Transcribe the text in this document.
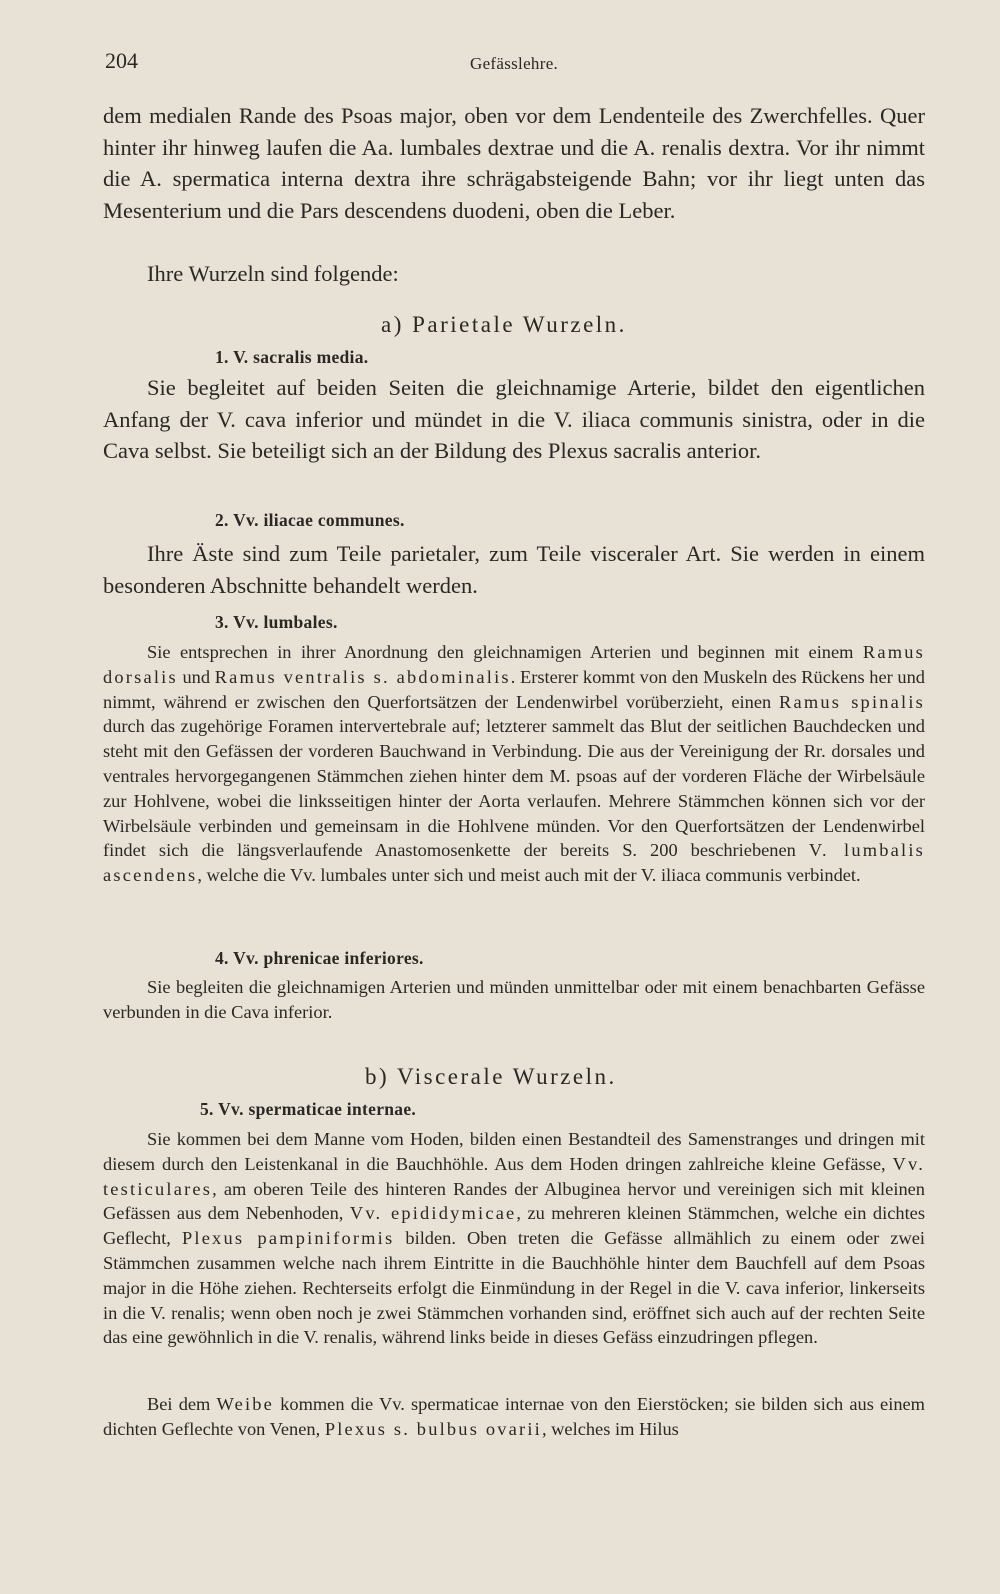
204	Gefässlehre.

dem medialen Rande des Psoas major, oben vor dem Lendenteile des Zwerchfelles. Quer hinter ihr hinweg laufen die Aa. lumbales dextrae und die A. renalis dextra. Vor ihr nimmt die A. spermatica interna dextra ihre schrägabsteigende Bahn; vor ihr liegt unten das Mesenterium und die Pars descendens duodeni, oben die Leber.

Ihre Wurzeln sind folgende:

a) Parietale Wurzeln.

1. V. sacralis media.

Sie begleitet auf beiden Seiten die gleichnamige Arterie, bildet den eigentlichen Anfang der V. cava inferior und mündet in die V. iliaca communis sinistra, oder in die Cava selbst. Sie beteiligt sich an der Bildung des Plexus sacralis anterior.

2. Vv. iliacae communes.

Ihre Äste sind zum Teile parietaler, zum Teile visceraler Art. Sie werden in einem besonderen Abschnitte behandelt werden.

3. Vv. lumbales.

Sie entsprechen in ihrer Anordnung den gleichnamigen Arterien und beginnen mit einem Ramus dorsalis und Ramus ventralis s. abdominalis. Ersterer kommt von den Muskeln des Rückens her und nimmt, während er zwischen den Querfortsätzen der Lendenwirbel vorüberzieht, einen Ramus spinalis durch das zugehörige Foramen intervertebrale auf; letzterer sammelt das Blut der seitlichen Bauchdecken und steht mit den Gefässen der vorderen Bauchwand in Verbindung. Die aus der Vereinigung der Rr. dorsales und ventrales hervorgegangenen Stämmchen ziehen hinter dem M. psoas auf der vorderen Fläche der Wirbelsäule zur Hohlvene, wobei die linksseitigen hinter der Aorta verlaufen. Mehrere Stämmchen können sich vor der Wirbelsäule verbinden und gemeinsam in die Hohlvene münden. Vor den Querfortsätzen der Lendenwirbel findet sich die längsverlaufende Anastomosenkette der bereits S. 200 beschriebenen V. lumbalis ascendens, welche die Vv. lumbales unter sich und meist auch mit der V. iliaca communis verbindet.

4. Vv. phrenicae inferiores.

Sie begleiten die gleichnamigen Arterien und münden unmittelbar oder mit einem benachbarten Gefässe verbunden in die Cava inferior.

b) Viscerale Wurzeln.

5. Vv. spermaticae internae.

Sie kommen bei dem Manne vom Hoden, bilden einen Bestandteil des Samenstranges und dringen mit diesem durch den Leistenkanal in die Bauchhöhle. Aus dem Hoden dringen zahlreiche kleine Gefässe, Vv. testiculares, am oberen Teile des hinteren Randes der Albuginea hervor und vereinigen sich mit kleinen Gefässen aus dem Nebenhoden, Vv. epididymicae, zu mehreren kleinen Stämmchen, welche ein dichtes Geflecht, Plexus pampiniformis bilden. Oben treten die Gefässe allmählich zu einem oder zwei Stämmchen zusammen welche nach ihrem Eintritte in die Bauchhöhle hinter dem Bauchfell auf dem Psoas major in die Höhe ziehen. Rechterseits erfolgt die Einmündung in der Regel in die V. cava inferior, linkerseits in die V. renalis; wenn oben noch je zwei Stämmchen vorhanden sind, eröffnet sich auch auf der rechten Seite das eine gewöhnlich in die V. renalis, während links beide in dieses Gefäss einzudringen pflegen.

Bei dem Weibe kommen die Vv. spermaticae internae von den Eierstöcken; sie bilden sich aus einem dichten Geflechte von Venen, Plexus s. bulbus ovarii, welches im Hilus
